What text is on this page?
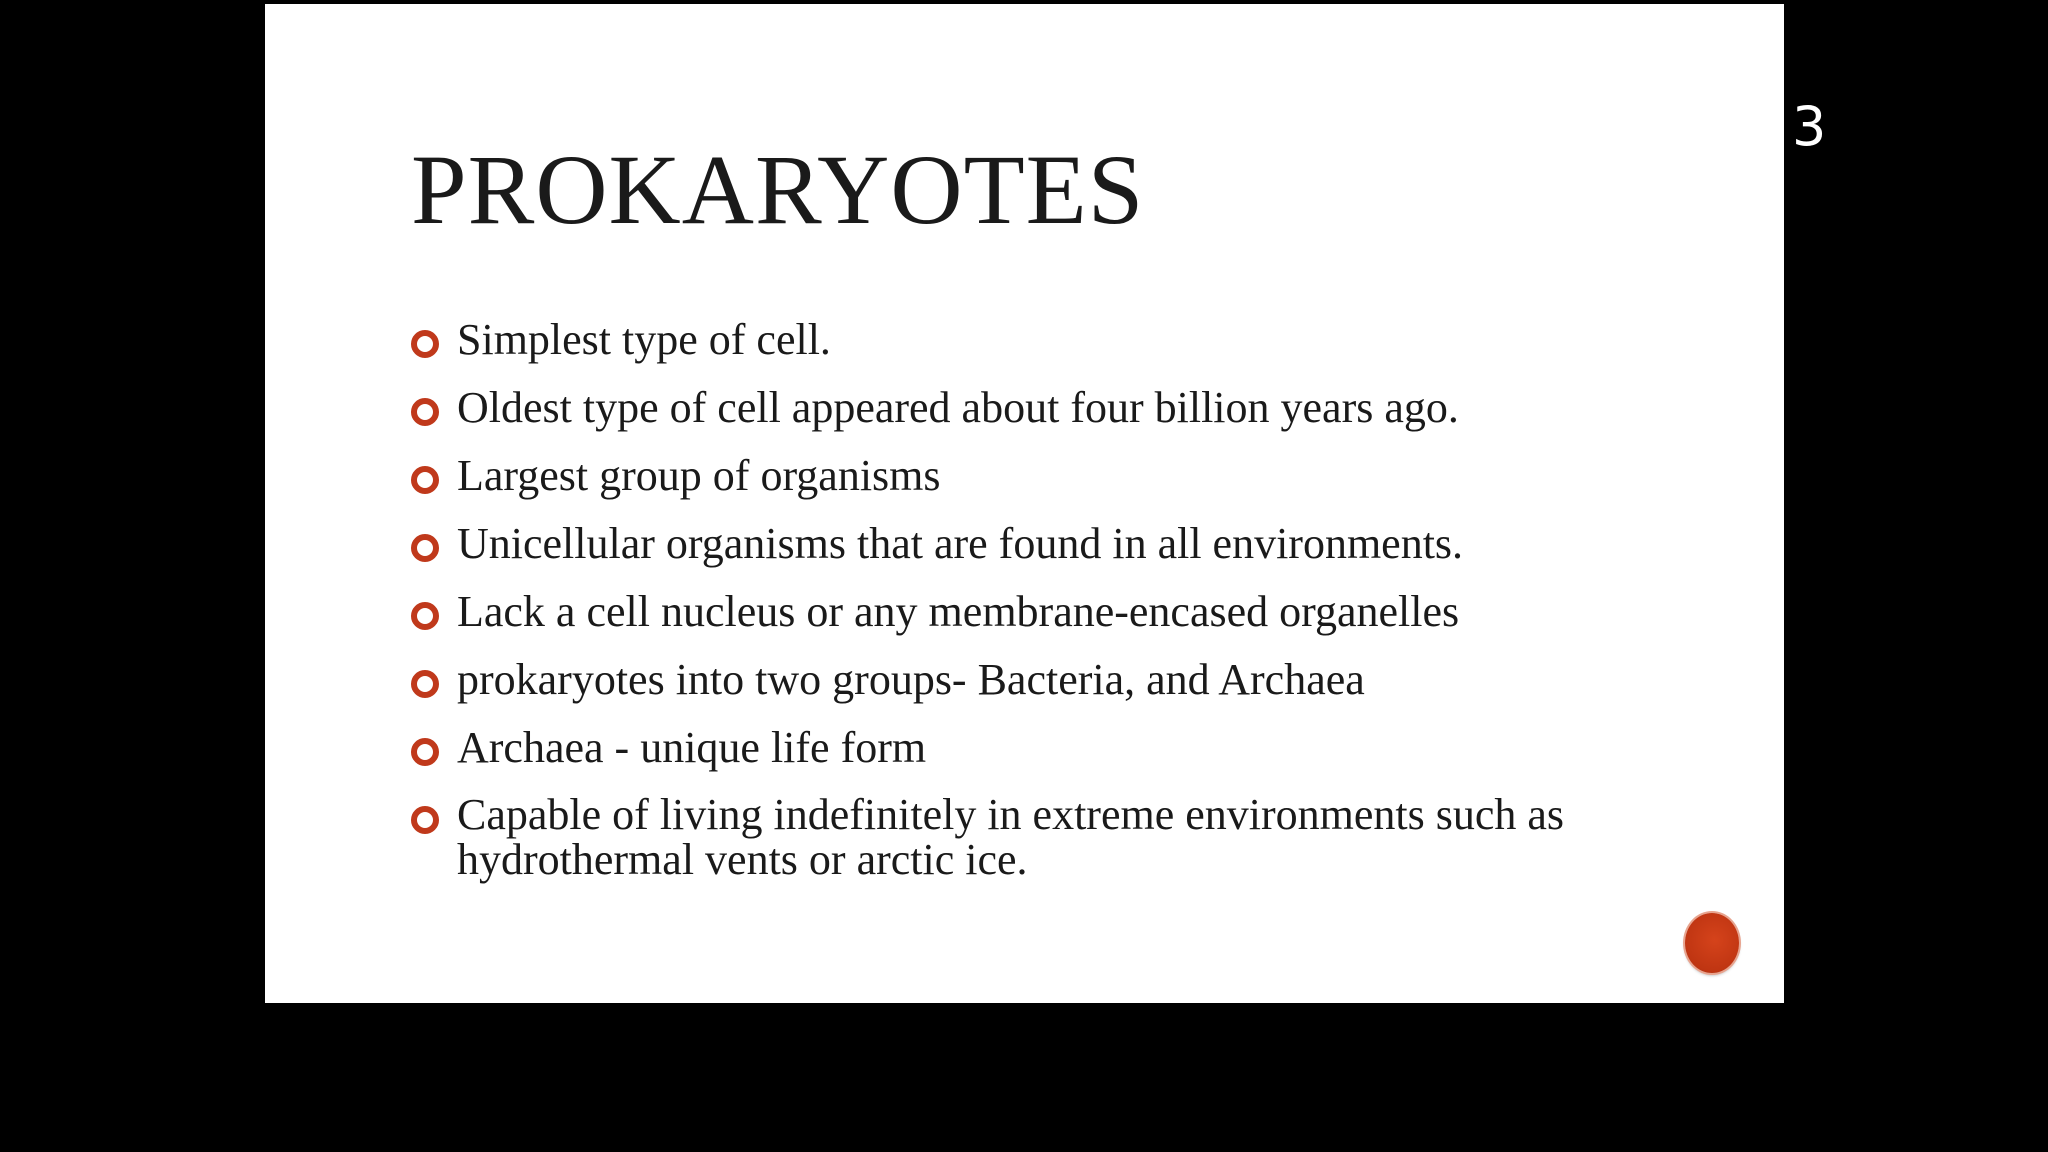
PROKARYOTES
Simplest type of cell.
Oldest type of cell appeared about four billion years ago.
Largest group of organisms
Unicellular organisms that are found in all environments.
Lack a cell nucleus or any membrane-encased organelles
prokaryotes into two groups- Bacteria, and Archaea
Archaea - unique life form
Capable of living indefinitely in extreme environments such as hydrothermal vents or arctic ice.
3
